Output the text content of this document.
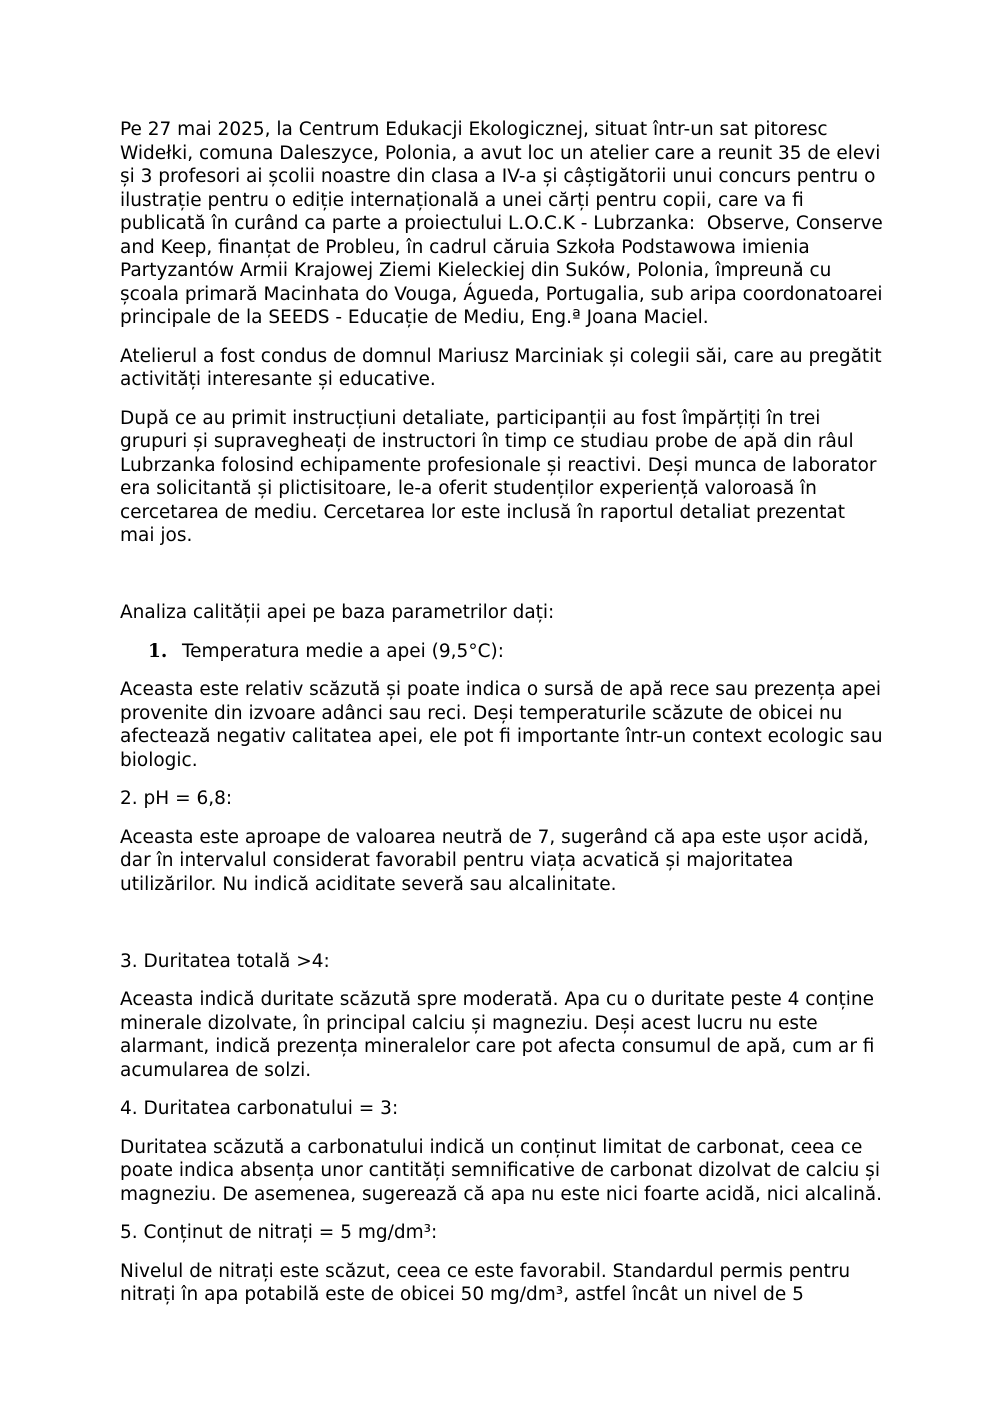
Pe 27 mai 2025, la Centrum Edukacji Ekologicznej, situat într-un sat pitoresc Widełki, comuna Daleszyce, Polonia, a avut loc un atelier care a reunit 35 de elevi și 3 profesori ai școlii noastre din clasa a IV-a și câștigătorii unui concurs pentru o ilustrație pentru o ediție internațională a unei cărți pentru copii, care va fi publicată în curând ca parte a proiectului L.O.C.K - Lubrzanka:  Observe, Conserve and Keep, finanțat de Probleu, în cadrul căruia Szkoła Podstawowa imienia Partyzantów Armii Krajowej Ziemi Kieleckiej din Suków, Polonia, împreună cu școala primară Macinhata do Vouga, Águeda, Portugalia, sub aripa coordonatoarei principale de la SEEDS - Educație de Mediu, Eng.ª Joana Maciel.

Atelierul a fost condus de domnul Mariusz Marciniak și colegii săi, care au pregătit activități interesante și educative.

După ce au primit instrucțiuni detaliate, participanții au fost împărțiți în trei grupuri și supravegheați de instructori în timp ce studiau probe de apă din râul Lubrzanka folosind echipamente profesionale și reactivi. Deși munca de laborator era solicitantă și plictisitoare, le-a oferit studenților experiență valoroasă în cercetarea de mediu. Cercetarea lor este inclusă în raportul detaliat prezentat mai jos.

Analiza calității apei pe baza parametrilor dați:

1. Temperatura medie a apei (9,5°C):

Aceasta este relativ scăzută și poate indica o sursă de apă rece sau prezența apei provenite din izvoare adânci sau reci. Deși temperaturile scăzute de obicei nu afectează negativ calitatea apei, ele pot fi importante într-un context ecologic sau biologic.

2. pH = 6,8:

Aceasta este aproape de valoarea neutră de 7, sugerând că apa este ușor acidă, dar în intervalul considerat favorabil pentru viața acvatică și majoritatea utilizărilor. Nu indică aciditate severă sau alcalinitate.

3. Duritatea totală >4:

Aceasta indică duritate scăzută spre moderată. Apa cu o duritate peste 4 conține minerale dizolvate, în principal calciu și magneziu. Deși acest lucru nu este alarmant, indică prezența mineralelor care pot afecta consumul de apă, cum ar fi acumularea de solzi.

4. Duritatea carbonatului = 3:

Duritatea scăzută a carbonatului indică un conținut limitat de carbonat, ceea ce poate indica absența unor cantități semnificative de carbonat dizolvat de calciu și magneziu. De asemenea, sugerează că apa nu este nici foarte acidă, nici alcalină.

5. Conținut de nitrați = 5 mg/dm³:

Nivelul de nitrați este scăzut, ceea ce este favorabil. Standardul permis pentru nitrați în apa potabilă este de obicei 50 mg/dm³, astfel încât un nivel de 5
